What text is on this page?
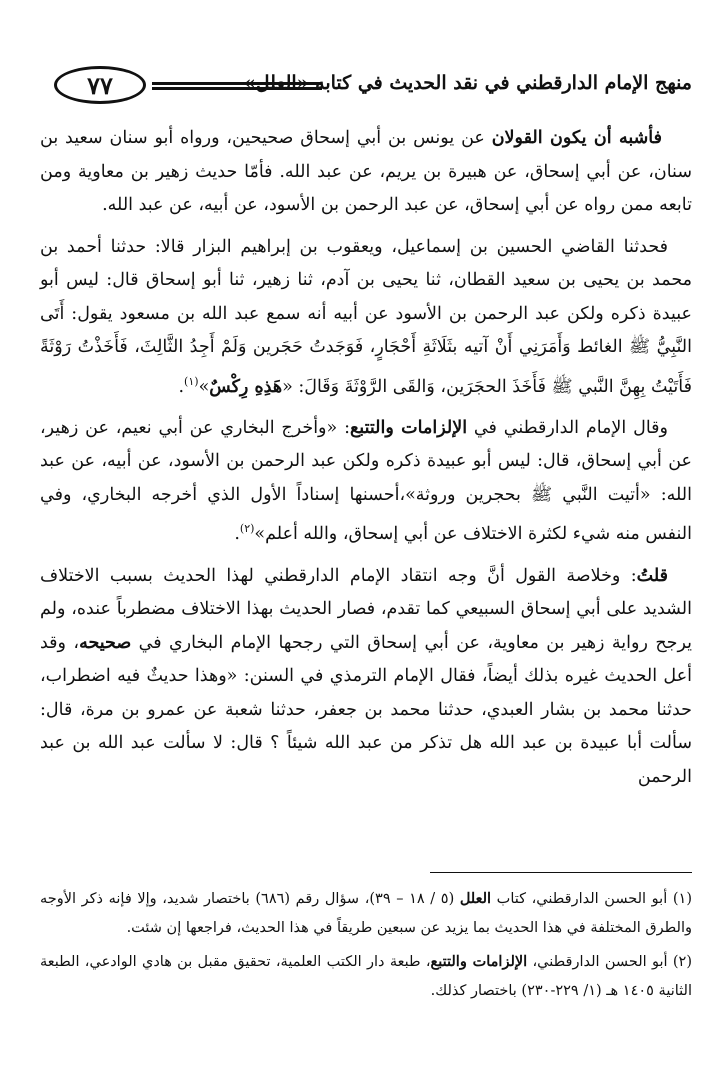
٧٧	منهج الإمام الدارقطني في نقد الحديث في كتابه «العلل»

فأشبه أن يكون القولان عن يونس بن أبي إسحاق صحيحين، ورواه أبو سنان سعيد بن سنان، عن أبي إسحاق، عن هبيرة بن يريم، عن عبد الله. فأمّا حديث زهير بن معاوية ومن تابعه ممن رواه عن أبي إسحاق، عن عبد الرحمن بن الأسود، عن أبيه، عن عبد الله.

فحدثنا القاضي الحسين بن إسماعيل، ويعقوب بن إبراهيم البزار قالا: حدثنا أحمد بن محمد بن يحيى بن سعيد القطان، ثنا يحيى بن آدم، ثنا زهير، ثنا أبو إسحاق قال: ليس أبو عبيدة ذكره ولكن عبد الرحمن بن الأسود عن أبيه أنه سمع عبد الله بن مسعود يقول: أَتَى النَّبِيُّ ﷺ الغائط وَأَمَرَنِي أَنْ آتيه بثَلَاثَةِ أَحْجَارٍ، فَوَجَدتُ حَجَرين وَلَمْ أَجِدُ الثَّالِثَ، فَأَخَذْتُ رَوْثَةً فَأَتَيْتُ بِهِنَّ النَّبي ﷺ فَأَخَذَ الحجَرَين، وَالقَى الرَّوْثَةَ وَقَالَ: «هَذِهِ رِكْسٌ»$^{(١)}$.

وقال الإمام الدارقطني في الإلزامات والتتبع: «وأخرج البخاري عن أبي نعيم، عن زهير، عن أبي إسحاق، قال: ليس أبو عبيدة ذكره ولكن عبد الرحمن بن الأسود، عن أبيه، عن عبد الله: «أتيت النَّبي ﷺ بحجرين وروثة»،أحسنها إسناداً الأول الذي أخرجه البخاري، وفي النفس منه شيء لكثرة الاختلاف عن أبي إسحاق، والله أعلم»$^{(٢)}$.

قلتُ: وخلاصة القول أنَّ وجه انتقاد الإمام الدارقطني لهذا الحديث بسبب الاختلاف الشديد على أبي إسحاق السبيعي كما تقدم، فصار الحديث بهذا الاختلاف مضطرباً عنده، ولم يرجح رواية زهير بن معاوية، عن أبي إسحاق التي رجحها الإمام البخاري في صحيحه، وقد أعل الحديث غيره بذلك أيضاً، فقال الإمام الترمذي في السنن: «وهذا حديثٌ فيه اضطراب، حدثنا محمد بن بشار العبدي، حدثنا محمد بن جعفر، حدثنا شعبة عن عمرو بن مرة، قال: سألت أبا عبيدة بن عبد الله هل تذكر من عبد الله شيئاً ؟ قال: لا سألت عبد الله بن عبد الرحمن

(١) أبو الحسن الدارقطني، كتاب العلل (٥ / ١٨ – ٣٩)، سؤال رقم (٦٨٦) باختصار شديد، وإلا فإنه ذكر الأوجه والطرق المختلفة في هذا الحديث بما يزيد عن سبعين طريقاً في هذا الحديث، فراجعها إن شئت.

(٢) أبو الحسن الدارقطني، الإلزامات والتتبع، طبعة دار الكتب العلمية، تحقيق مقبل بن هادي الوادعي، الطبعة الثانية ١٤٠٥ هـ (١/ ٢٢٩-٢٣٠) باختصار كذلك.
